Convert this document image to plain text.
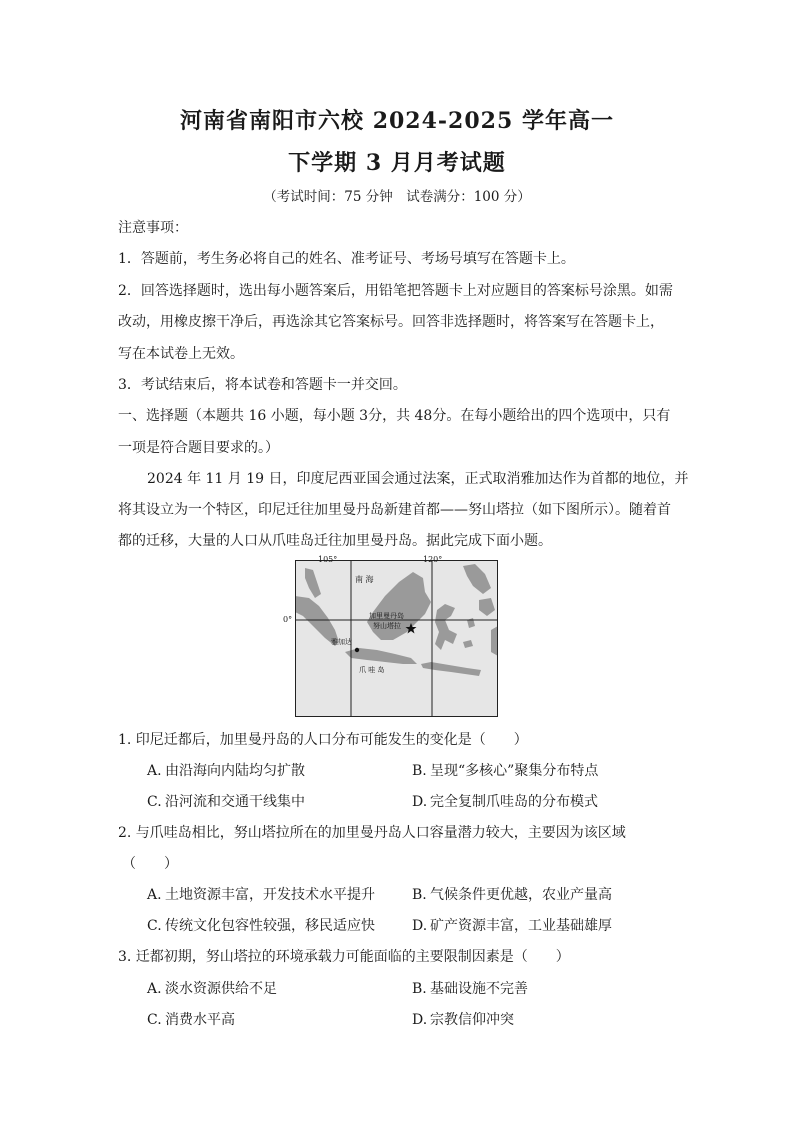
河南省南阳市六校 2024-2025 学年高一
下学期 3 月月考试题
（考试时间：75 分钟　试卷满分：100 分）
注意事项：
1．答题前，考生务必将自己的姓名、准考证号、考场号填写在答题卡上。
2．回答选择题时，选出每小题答案后，用铅笔把答题卡上对应题目的答案标号涂黑。如需
改动，用橡皮擦干净后，再选涂其它答案标号。回答非选择题时，将答案写在答题卡上，
写在本试卷上无效。
3．考试结束后，将本试卷和答题卡一并交回。
一、选择题（本题共 16 小题，每小题 3分，共 48分。在每小题给出的四个选项中，只有
一项是符合题目要求的。）
2024 年 11 月 19 日，印度尼西亚国会通过法案，正式取消雅加达作为首都的地位，并
将其设立为一个特区，印尼迁往加里曼丹岛新建首都——努山塔拉（如下图所示）。随着首
都的迁移，大量的人口从爪哇岛迁往加里曼丹岛。据此完成下面小题。
南 海
加里曼丹岛
努山塔拉
雅加达
爪 哇 岛
105°	120°
0°
1. 印尼迁都后，加里曼丹岛的人口分布可能发生的变化是（　　）
A. 由沿海向内陆均匀扩散	B. 呈现“多核心”聚集分布特点
C. 沿河流和交通干线集中	D. 完全复制爪哇岛的分布模式
2. 与爪哇岛相比，努山塔拉所在的加里曼丹岛人口容量潜力较大，主要因为该区域
（　　）
A. 土地资源丰富，开发技术水平提升	B. 气候条件更优越，农业产量高
C. 传统文化包容性较强，移民适应快	D. 矿产资源丰富，工业基础雄厚
3. 迁都初期，努山塔拉的环境承载力可能面临的主要限制因素是（　　）
A. 淡水资源供给不足	B. 基础设施不完善
C. 消费水平高	D. 宗教信仰冲突
